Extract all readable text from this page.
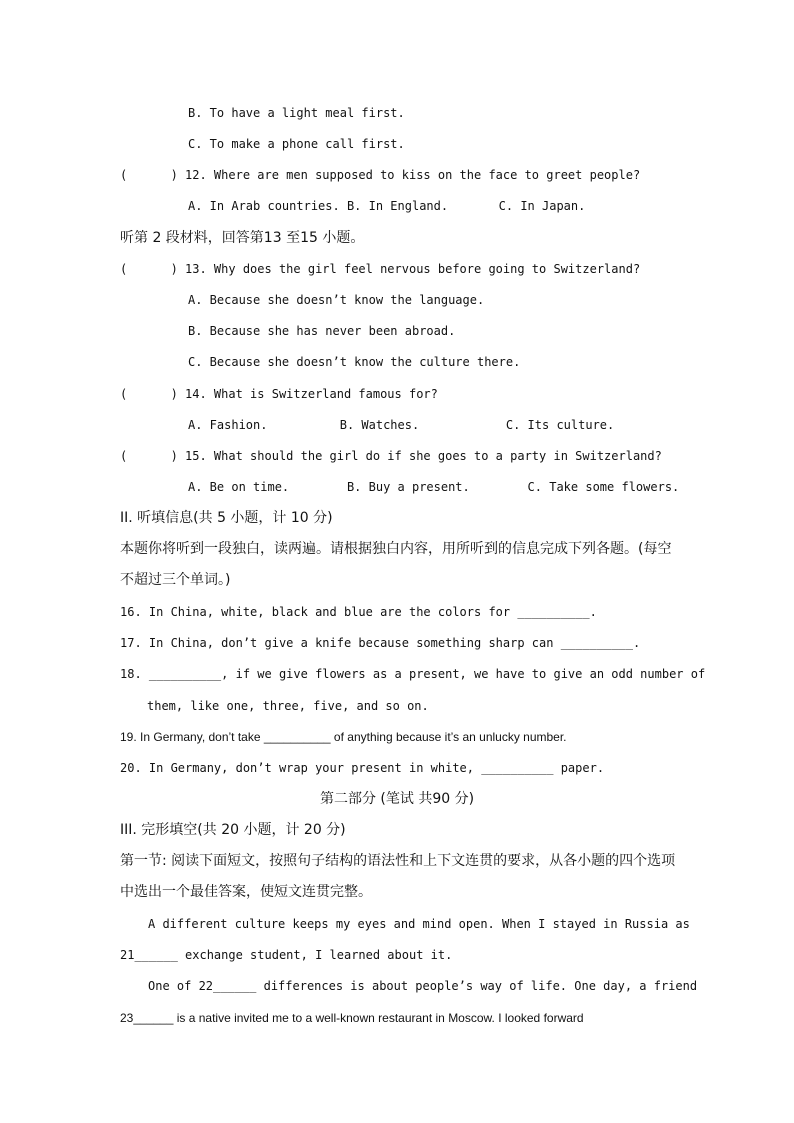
B. To have a light meal first.
C. To make a phone call first.
(      ) 12. Where are men supposed to kiss on the face to greet people?
A. In Arab countries. B. In England.       C. In Japan.
听第 2 段材料，回答第13 至15 小题。
(      ) 13. Why does the girl feel nervous before going to Switzerland?
A. Because she doesn’t know the language.
B. Because she has never been abroad.
C. Because she doesn’t know the culture there.
(      ) 14. What is Switzerland famous for?
A. Fashion.          B. Watches.            C. Its culture.
(      ) 15. What should the girl do if she goes to a party in Switzerland?
A. Be on time.        B. Buy a present.        C. Take some flowers.
II. 听填信息(共 5 小题，计 10 分)
本题你将听到一段独白，读两遍。请根据独白内容，用所听到的信息完成下列各题。(每空
不超过三个单词。)
16. In China, white, black and blue are the colors for __________.
17. In China, don’t give a knife because something sharp can __________.
18. __________, if we give flowers as a present, we have to give an odd number of
them, like one, three, five, and so on.
19. In Germany, don’t take __________ of anything because it’s an unlucky number.
20. In Germany, don’t wrap your present in white, __________ paper.
第二部分 (笔试 共90 分)
III. 完形填空(共 20 小题，计 20 分)
第一节: 阅读下面短文，按照句子结构的语法性和上下文连贯的要求，从各小题的四个选项
中选出一个最佳答案，使短文连贯完整。
A different culture keeps my eyes and mind open. When I stayed in Russia as
21______ exchange student, I learned about it.
One of 22______ differences is about people’s way of life. One day, a friend
23______ is a native invited me to a well-known restaurant in Moscow. I looked forward
